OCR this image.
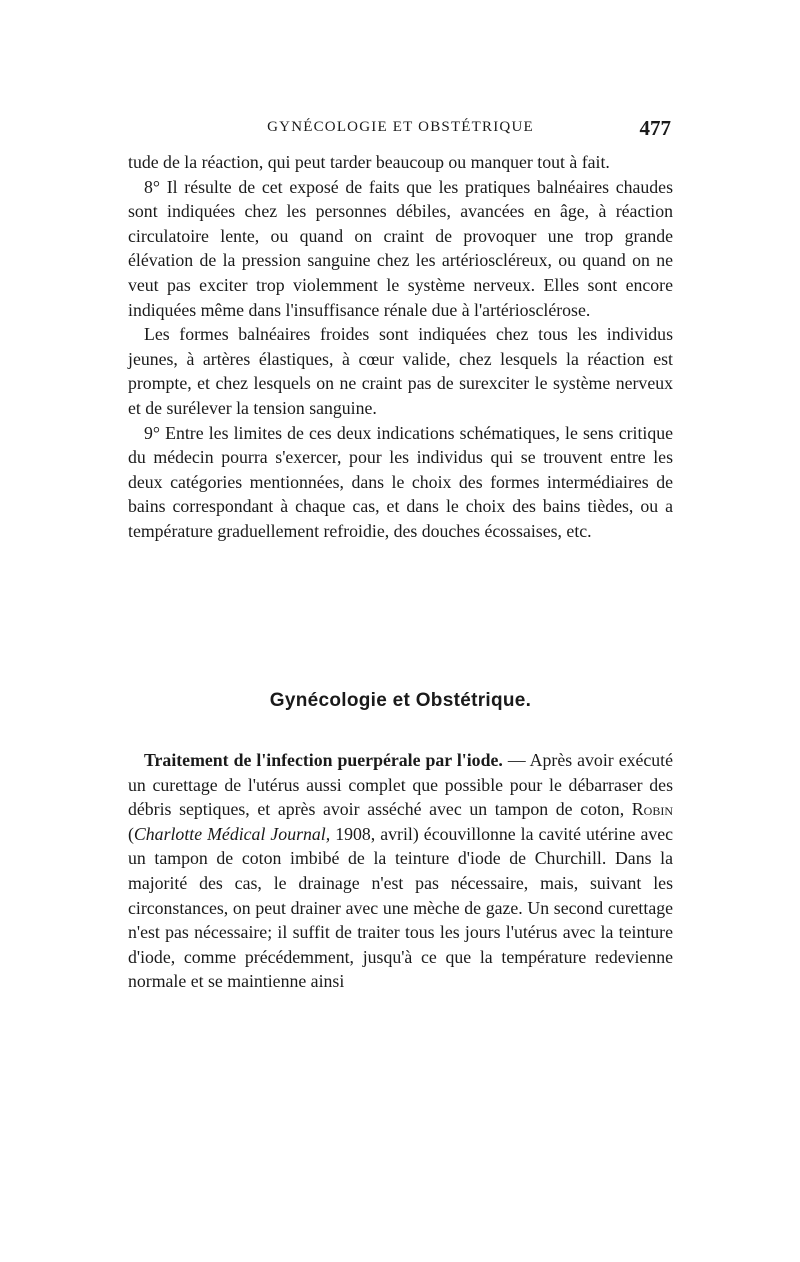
GYNÉCOLOGIE ET OBSTÉTRIQUE	477

tude de la réaction, qui peut tarder beaucoup ou manquer tout à fait.

8° Il résulte de cet exposé de faits que les pratiques balnéaires chaudes sont indiquées chez les personnes débiles, avancées en âge, à réaction circulatoire lente, ou quand on craint de provoquer une trop grande élévation de la pression sanguine chez les artérioscléreux, ou quand on ne veut pas exciter trop violemment le système nerveux. Elles sont encore indiquées même dans l'insuffisance rénale due à l'artériosclérose.

Les formes balnéaires froides sont indiquées chez tous les individus jeunes, à artères élastiques, à cœur valide, chez lesquels la réaction est prompte, et chez lesquels on ne craint pas de surexciter le système nerveux et de surélever la tension sanguine.

9° Entre les limites de ces deux indications schématiques, le sens critique du médecin pourra s'exercer, pour les individus qui se trouvent entre les deux catégories mentionnées, dans le choix des formes intermédiaires de bains correspondant à chaque cas, et dans le choix des bains tièdes, ou a température graduellement refroidie, des douches écossaises, etc.

Gynécologie et Obstétrique.

Traitement de l'infection puerpérale par l'iode. — Après avoir exécuté un curettage de l'utérus aussi complet que possible pour le débarraser des débris septiques, et après avoir asséché avec un tampon de coton, Robin (Charlotte Médical Journal, 1908, avril) écouvillonne la cavité utérine avec un tampon de coton imbibé de la teinture d'iode de Churchill. Dans la majorité des cas, le drainage n'est pas nécessaire, mais, suivant les circonstances, on peut drainer avec une mèche de gaze. Un second curettage n'est pas nécessaire; il suffit de traiter tous les jours l'utérus avec la teinture d'iode, comme précédemment, jusqu'à ce que la température redevienne normale et se maintienne ainsi
